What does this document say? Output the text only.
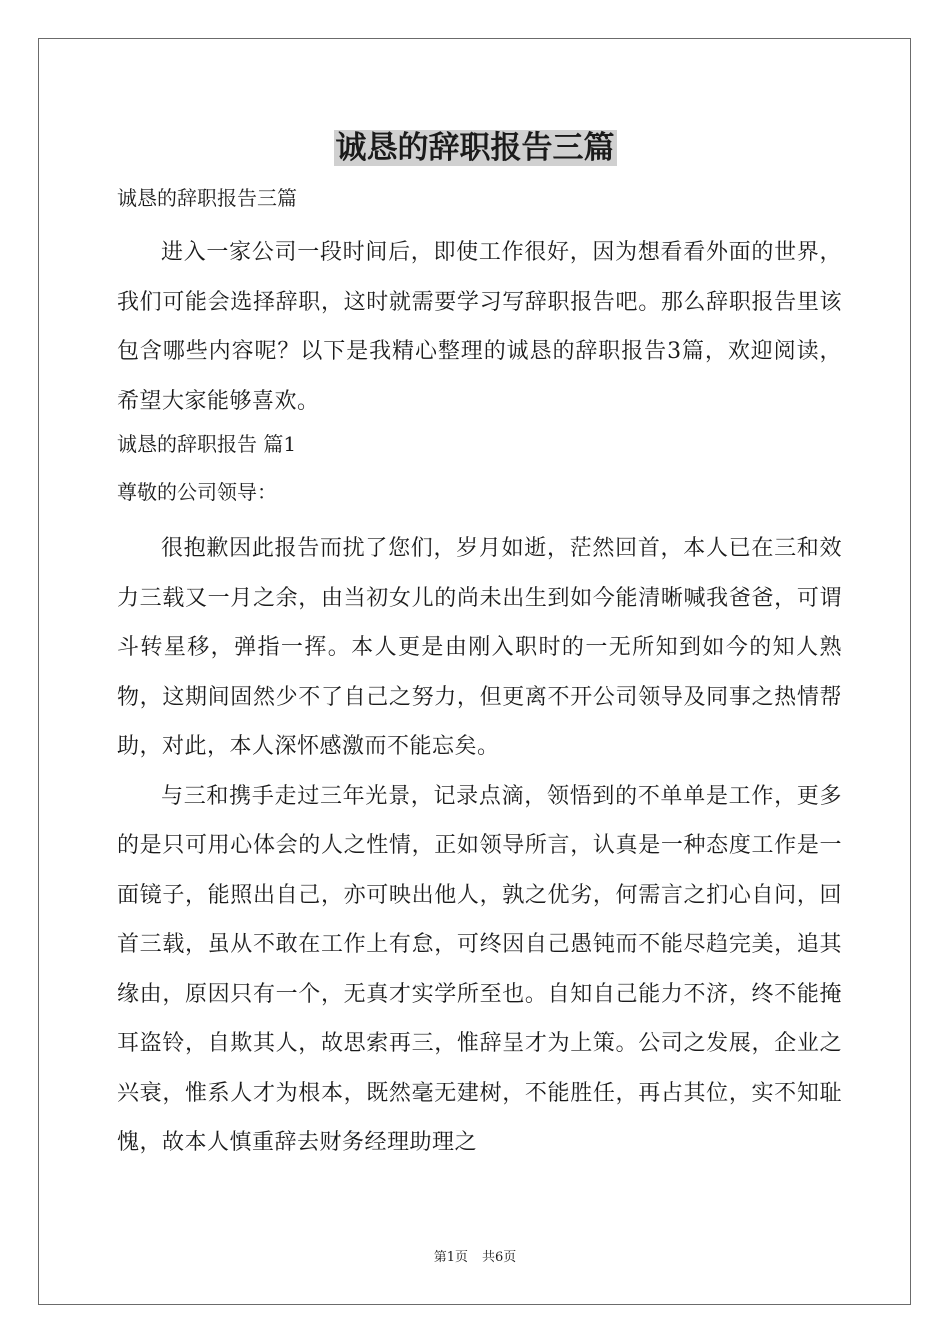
诚恳的辞职报告三篇

诚恳的辞职报告三篇

进入一家公司一段时间后，即使工作很好，因为想看看外面的世界，我们可能会选择辞职，这时就需要学习写辞职报告吧。那么辞职报告里该包含哪些内容呢？以下是我精心整理的诚恳的辞职报告3篇，欢迎阅读，希望大家能够喜欢。

诚恳的辞职报告 篇1

尊敬的公司领导：

很抱歉因此报告而扰了您们，岁月如逝，茫然回首，本人已在三和效力三载又一月之余，由当初女儿的尚未出生到如今能清晰喊我爸爸，可谓斗转星移，弹指一挥。本人更是由刚入职时的一无所知到如今的知人熟物，这期间固然少不了自己之努力，但更离不开公司领导及同事之热情帮助，对此，本人深怀感激而不能忘矣。

与三和携手走过三年光景，记录点滴，领悟到的不单单是工作，更多的是只可用心体会的人之性情，正如领导所言，认真是一种态度工作是一面镜子，能照出自己，亦可映出他人，孰之优劣，何需言之扪心自问，回首三载，虽从不敢在工作上有怠，可终因自己愚钝而不能尽趋完美，追其缘由，原因只有一个，无真才实学所至也。自知自己能力不济，终不能掩耳盗铃，自欺其人，故思索再三，惟辞呈才为上策。公司之发展，企业之兴衰，惟系人才为根本，既然毫无建树，不能胜任，再占其位，实不知耻愧，故本人慎重辞去财务经理助理之

第1页 共6页
